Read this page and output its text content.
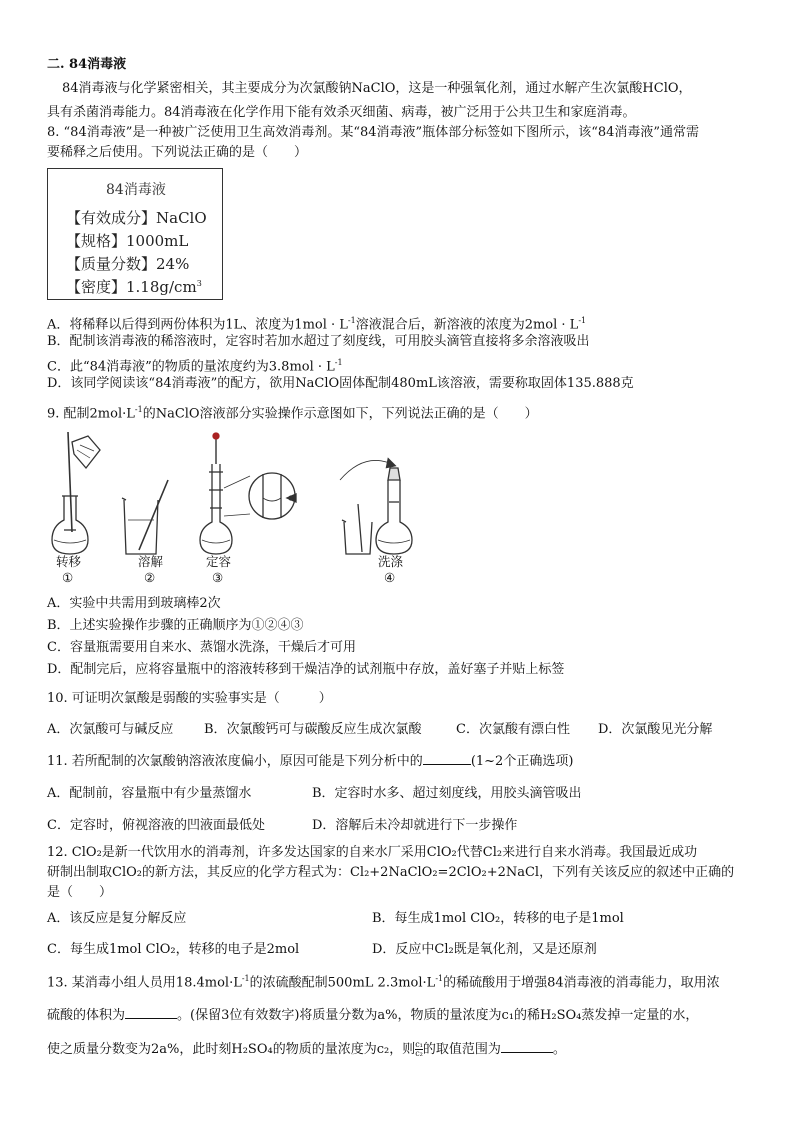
二. 84消毒液
84消毒液与化学紧密相关，其主要成分为次氯酸钠NaClO，这是一种强氧化剂，通过水解产生次氯酸HClO，
具有杀菌消毒能力。84消毒液在化学作用下能有效杀灭细菌、病毒，被广泛用于公共卫生和家庭消毒。
8. “84消毒液”是一种被广泛使用卫生高效消毒剂。某“84消毒液”瓶体部分标签如下图所示，该“84消毒液”通常需
要稀释之后使用。下列说法正确的是（　　）
84消毒液
【有效成分】NaClO
【规格】1000mL
【质量分数】24%
【密度】$1.18g/cm^3$
A．将稀释以后得到两份体积为1L、浓度为$1mol \cdot L^{-1}$溶液混合后，新溶液的浓度为$2mol \cdot L^{-1}$
B．配制该消毒液的稀溶液时，定容时若加水超过了刻度线，可用胶头滴管直接将多余溶液吸出
C．此“84消毒液”的物质的量浓度约为$3.8mol \cdot L^{-1}$
D．该同学阅读该“84消毒液”的配方，欲用NaClO固体配制480mL该溶液，需要称取固体135.888克
9. 配制$2mol\cdot L^{-1}$的NaClO溶液部分实验操作示意图如下，下列说法正确的是（　　）
转移	溶解	定容	洗涤
①	②	③	④
A．实验中共需用到玻璃棒2次
B．上述实验操作步骤的正确顺序为①②④③
C．容量瓶需要用自来水、蒸馏水洗涤，干燥后才可用
D．配制完后，应将容量瓶中的溶液转移到干燥洁净的试剂瓶中存放，盖好塞子并贴上标签
10. 可证明次氯酸是弱酸的实验事实是（　　　）
A．次氯酸可与碱反应 B．次氯酸钙可与碳酸反应生成次氯酸	C．次氯酸有漂白性 D．次氯酸见光分解
11. 若所配制的次氯酸钠溶液浓度偏小，原因可能是下列分析中的	(1~2个正确选项)
A．配制前，容量瓶中有少量蒸馏水	B．定容时水多、超过刻度线，用胶头滴管吸出
C．定容时，俯视溶液的凹液面最低处	D．溶解后未冷却就进行下一步操作
12. ClO₂是新一代饮用水的消毒剂，许多发达国家的自来水厂采用ClO₂代替Cl₂来进行自来水消毒。我国最近成功
研制出制取ClO₂的新方法，其反应的化学方程式为：Cl₂+2NaClO₂=2ClO₂+2NaCl，下列有关该反应的叙述中正确的
是（　　）
A．该反应是复分解反应	B．每生成1mol ClO₂，转移的电子是1mol
C．每生成1mol ClO₂，转移的电子是2mol	D．反应中Cl₂既是氧化剂，又是还原剂
13. 某消毒小组人员用$18.4mol\cdot L^{-1}$的浓硫酸配制500mL $2.3mol\cdot L^{-1}$的稀硫酸用于增强84消毒液的消毒能力，取用浓
硫酸的体积为	。(保留3位有效数字)将质量分数为a%，物质的量浓度为c₁的稀H₂SO₄蒸发掉一定量的水，
使之质量分数变为2a%，此时刻H₂SO₄的物质的量浓度为c₂，则 $\frac{\text{c₁}}{\text{c₂}}$ 的取值范围为	。
